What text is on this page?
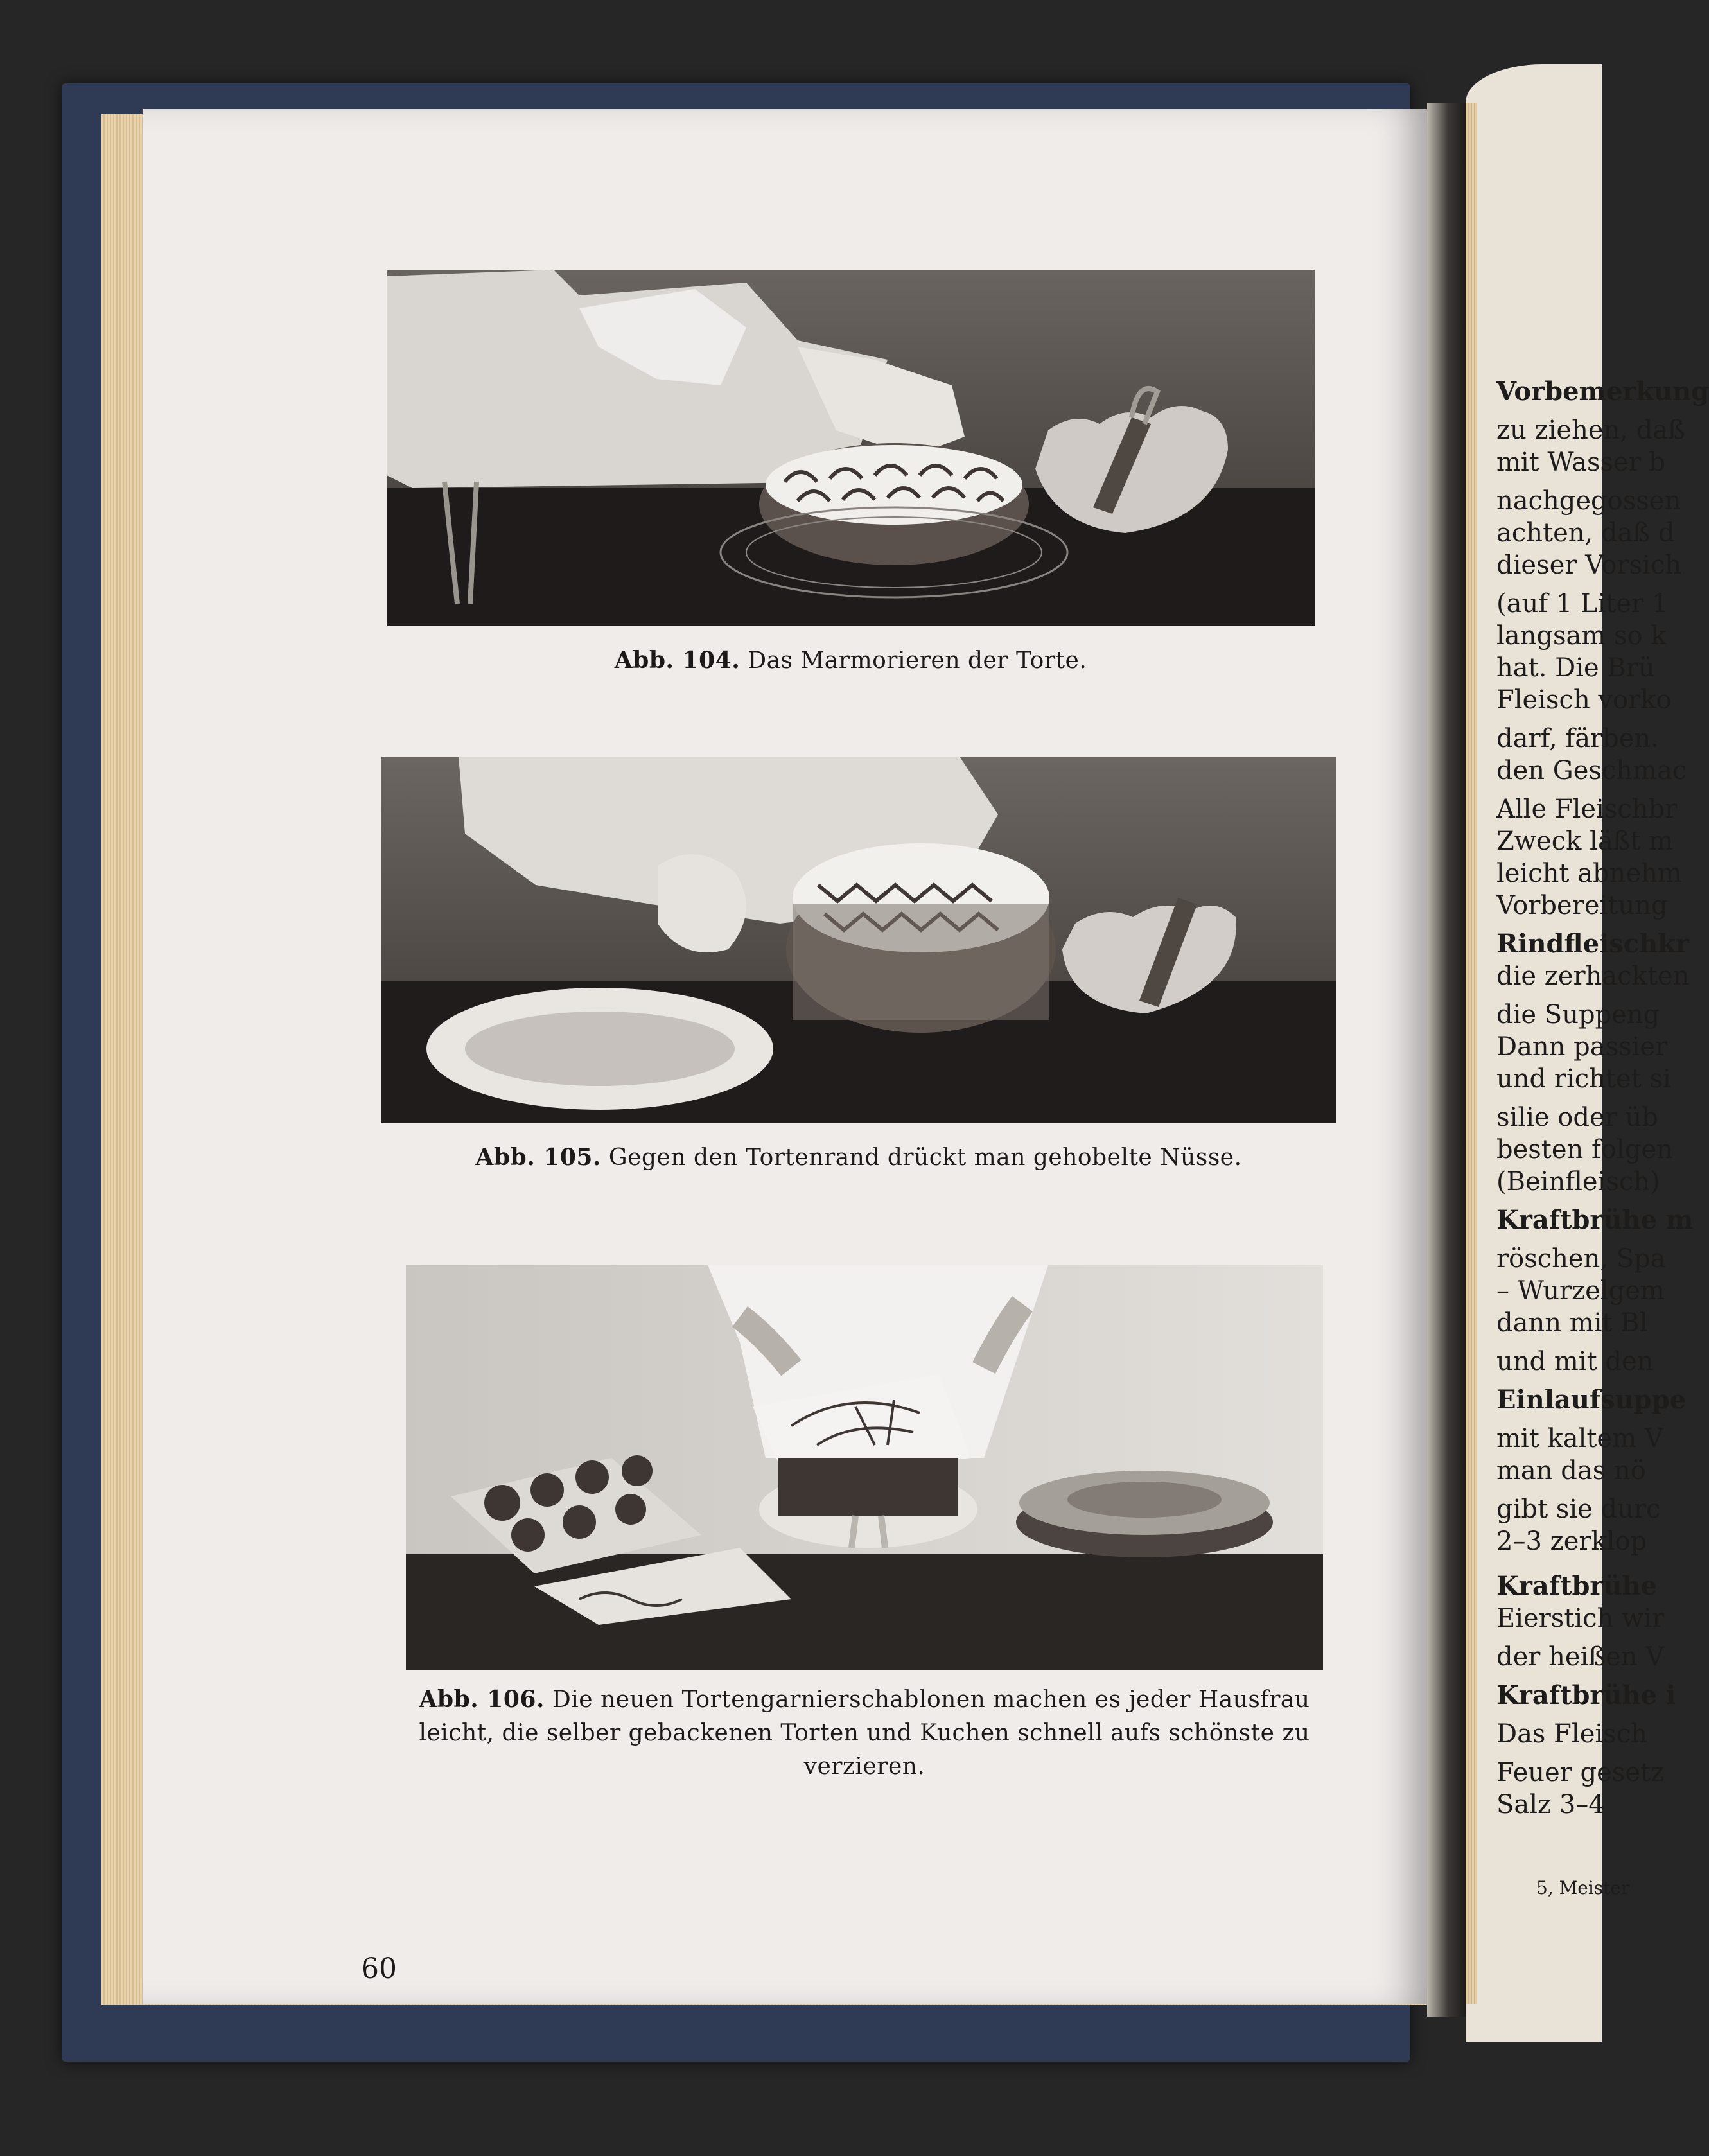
Abb. 104. Das Marmorieren der Torte.
Abb. 105. Gegen den Tortenrand drückt man gehobelte Nüsse.
Abb. 106. Die neuen Tortengarnierschablonen machen es jeder Hausfrau leicht, die selber gebackenen Torten und Kuchen schnell aufs schönste zu verzieren.
60
Vorbemerkung
zu ziehen, daß
mit Wasser b
nachgegossen
achten, daß d
dieser Vorsich
(auf 1 Liter 1
langsam so k
hat. Die Brü
Fleisch vorko
darf, färben.
den Geschmac
Alle Fleischbr
Zweck läßt m
leicht abnehm
Vorbereitung
Rindfleischkr
die zerhackten
die Suppeng
Dann passier
und richtet si
silie oder üb
besten folgen
(Beinfleisch)
Kraftbrühe m
röschen, Spa
– Wurzelgem
dann mit Bl
und mit den
Einlaufsuppe
mit kaltem V
man das nö
gibt sie durc
2–3 zerklop
Kraftbrühe
Eierstich wir
der heißen V
Kraftbrühe i
Das Fleisch
Feuer gesetz
Salz 3–4
5, Meister
